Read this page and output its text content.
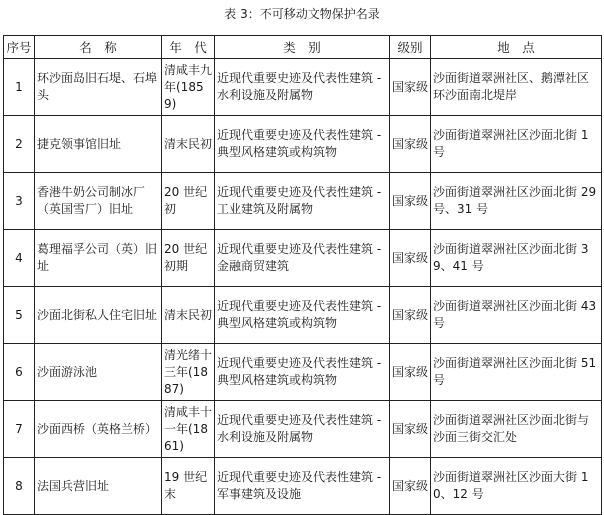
表 3：不可移动文物保护名录
序号	名　称	年　代	类　别	级别	地　点
1	环沙面岛旧石堤、石埠头	清咸丰九年(1859)	近现代重要史迹及代表性建筑 - 水利设施及附属物	国家级	沙面街道翠洲社区、鹅潭社区环沙面南北堤岸
2	捷克领事馆旧址	清末民初	近现代重要史迹及代表性建筑 - 典型风格建筑或构筑物	国家级	沙面街道翠洲社区沙面北街 1 号
3	香港牛奶公司制冰厂（英国雪厂）旧址	20 世纪初	近现代重要史迹及代表性建筑 - 工业建筑及附属物	国家级	沙面街道翠洲社区沙面北街 29 号、31 号
4	葛理福孚公司（英）旧址	20 世纪初期	近现代重要史迹及代表性建筑 - 金融商贸建筑	国家级	沙面街道翠洲社区沙面北街 39、41 号
5	沙面北街私人住宅旧址	清末民初	近现代重要史迹及代表性建筑 - 典型风格建筑或构筑物	国家级	沙面街道翠洲社区沙面北街 43 号
6	沙面游泳池	清光绪十三年(1887)	近现代重要史迹及代表性建筑 - 典型风格建筑或构筑物	国家级	沙面街道翠洲社区沙面北街 51 号
7	沙面西桥（英格兰桥）	清咸丰十一年(1861)	近现代重要史迹及代表性建筑 - 水利设施及附属物	国家级	沙面街道翠洲社区沙面北街与沙面三街交汇处
8	法国兵营旧址	19 世纪末	近现代重要史迹及代表性建筑 - 军事建筑及设施	国家级	沙面街道翠洲社区沙面大街 10、12 号
